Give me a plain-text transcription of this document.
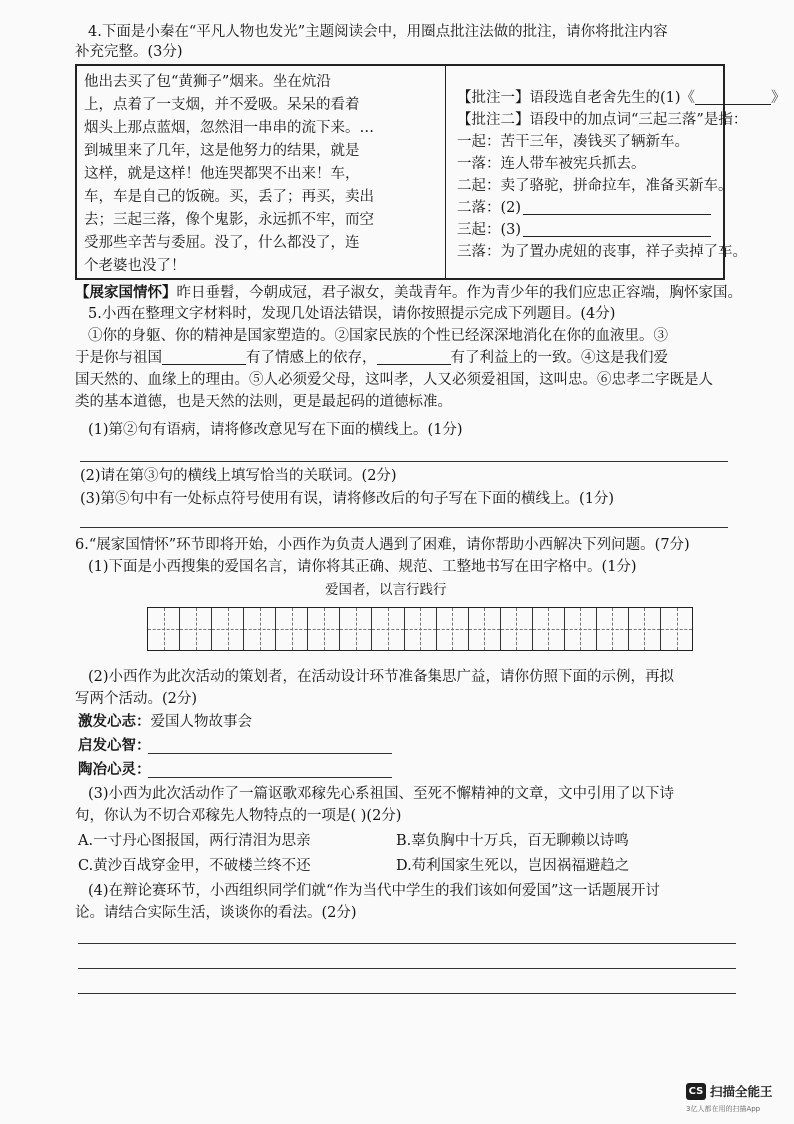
4.下面是小秦在“平凡人物也发光”主题阅读会中，用圈点批注法做的批注，请你将批注内容
补充完整。(3分)
他出去买了包“黄狮子”烟来。坐在炕沿
上，点着了一支烟，并不爱吸。呆呆的看着
烟头上那点蓝烟，忽然泪一串串的流下来。…
到城里来了几年，这是他努力的结果，就是
这样，就是这样！他连哭都哭不出来！车，
车，车是自己的饭碗。买，丢了；再买，卖出
去；三起三落，像个鬼影，永远抓不牢，而空
受那些辛苦与委屈。没了，什么都没了，连
个老婆也没了！
【批注一】语段选自老舍先生的(1)《	》
【批注二】语段中的加点词“三起三落”是指：
一起：苦干三年，凑钱买了辆新车。
一落：连人带车被宪兵抓去。
二起：卖了骆驼，拼命拉车，准备买新车。
二落：(2)
三起：(3)
三落：为了置办虎妞的丧事，祥子卖掉了车。
【展家国情怀】昨日垂髫，今朝成冠，君子淑女，美哉青年。作为青少年的我们应忠正容端，胸怀家国。
5.小西在整理文字材料时，发现几处语法错误，请你按照提示完成下列题目。(4分)
①你的身躯、你的精神是国家塑造的。②国家民族的个性已经深深地消化在你的血液里。③
于是你与祖国	有了情感上的依存，	有了利益上的一致。④这是我们爱
国天然的、血缘上的理由。⑤人必须爱父母，这叫孝，人又必须爱祖国，这叫忠。⑥忠孝二字既是人
类的基本道德，也是天然的法则，更是最起码的道德标准。
(1)第②句有语病，请将修改意见写在下面的横线上。(1分)
(2)请在第③句的横线上填写恰当的关联词。(2分)
(3)第⑤句中有一处标点符号使用有误，请将修改后的句子写在下面的横线上。(1分)
6.“展家国情怀”环节即将开始，小西作为负责人遇到了困难，请你帮助小西解决下列问题。(7分)
(1)下面是小西搜集的爱国名言，请你将其正确、规范、工整地书写在田字格中。(1分)
爱国者，以言行践行
(2)小西作为此次活动的策划者，在活动设计环节准备集思广益，请你仿照下面的示例，再拟
写两个活动。(2分)
激发心志：爱国人物故事会
启发心智：
陶冶心灵：
(3)小西为此次活动作了一篇讴歌邓稼先心系祖国、至死不懈精神的文章，文中引用了以下诗
句，你认为不切合邓稼先人物特点的一项是( )(2分)
A.一寸丹心图报国，两行清泪为思亲	B.辜负胸中十万兵，百无聊赖以诗鸣
C.黄沙百战穿金甲，不破楼兰终不还	D.苟利国家生死以，岂因祸福避趋之
(4)在辩论赛环节，小西组织同学们就“作为当代中学生的我们该如何爱国”这一话题展开讨
论。请结合实际生活，谈谈你的看法。(2分)
CS 扫描全能王
3亿人都在用的扫描App
